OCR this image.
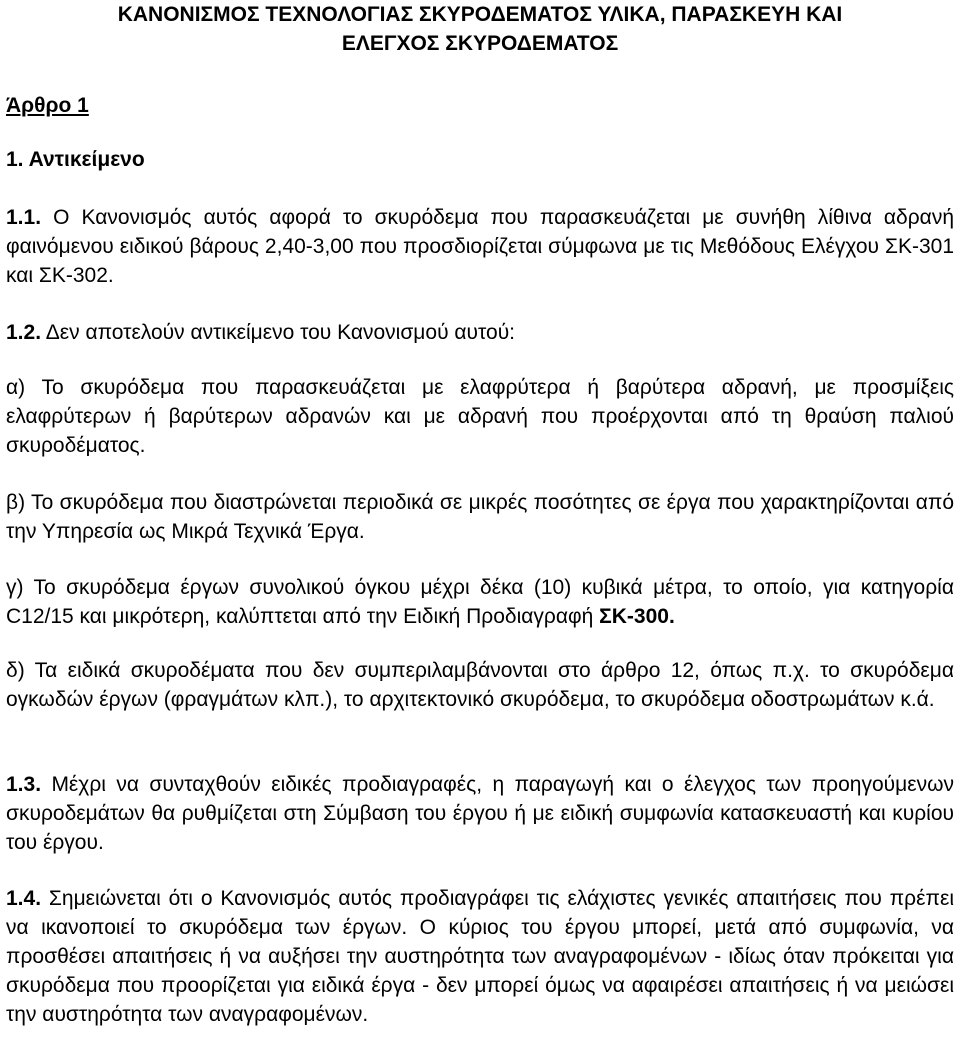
ΚΑΝΟΝΙΣΜΟΣ ΤΕΧΝΟΛΟΓΙΑΣ ΣΚΥΡΟΔΕΜΑΤΟΣ ΥΛΙΚΑ, ΠΑΡΑΣΚΕΥΗ ΚΑΙ
ΕΛΕΓΧΟΣ ΣΚΥΡΟΔΕΜΑΤΟΣ
Άρθρο 1
1. Αντικείμενο

1.1. Ο Κανονισμός αυτός αφορά το σκυρόδεμα που παρασκευάζεται με συνήθη λίθινα αδρανή φαινόμενου ειδικού βάρους 2,40-3,00 που προσδιορίζεται σύμφωνα με τις Μεθόδους Ελέγχου ΣΚ-301 και ΣΚ-302.

1.2. Δεν αποτελούν αντικείμενο του Κανονισμού αυτού:

α) Το σκυρόδεμα που παρασκευάζεται με ελαφρύτερα ή βαρύτερα αδρανή, με προσμίξεις ελαφρύτερων ή βαρύτερων αδρανών και με αδρανή που προέρχονται από τη θραύση παλιού σκυροδέματος.

β) Το σκυρόδεμα που διαστρώνεται περιοδικά σε μικρές ποσότητες σε έργα που χαρακτηρίζονται από την Υπηρεσία ως Μικρά Τεχνικά Έργα.

γ) Το σκυρόδεμα έργων συνολικού όγκου μέχρι δέκα (10) κυβικά μέτρα, το οποίο, για κατηγορία C12/15 και μικρότερη, καλύπτεται από την Ειδική Προδιαγραφή ΣΚ-300.

δ) Τα ειδικά σκυροδέματα που δεν συμπεριλαμβάνονται στο άρθρο 12, όπως π.χ. το σκυρόδεμα ογκωδών έργων (φραγμάτων κλπ.), το αρχιτεκτονικό σκυρόδεμα, το σκυρόδεμα οδοστρωμάτων κ.ά.

1.3. Μέχρι να συνταχθούν ειδικές προδιαγραφές, η παραγωγή και ο έλεγχος των προηγούμενων σκυροδεμάτων θα ρυθμίζεται στη Σύμβαση του έργου ή με ειδική συμφωνία κατασκευαστή και κυρίου του έργου.

1.4. Σημειώνεται ότι ο Κανονισμός αυτός προδιαγράφει τις ελάχιστες γενικές απαιτήσεις που πρέπει να ικανοποιεί το σκυρόδεμα των έργων. Ο κύριος του έργου μπορεί, μετά από συμφωνία, να προσθέσει απαιτήσεις ή να αυξήσει την αυστηρότητα των αναγραφομένων - ιδίως όταν πρόκειται για σκυρόδεμα που προορίζεται για ειδικά έργα - δεν μπορεί όμως να αφαιρέσει απαιτήσεις ή να μειώσει την αυστηρότητα των αναγραφομένων.
